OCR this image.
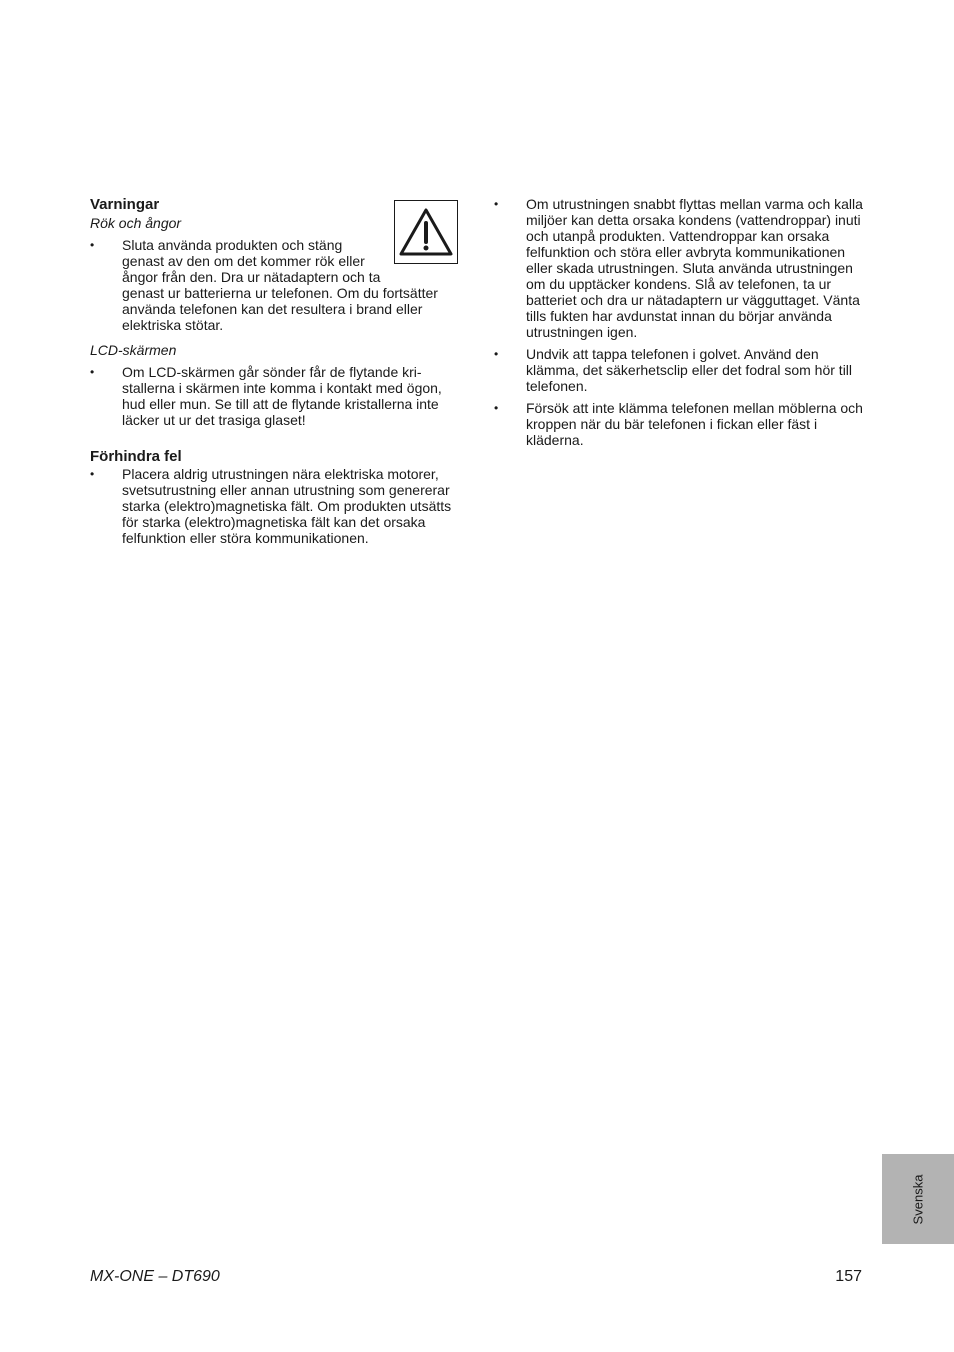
Varningar

Rök och ångor

•	Sluta använda produkten och stäng genast av den om det kommer rök eller ångor från den. Dra ur nätadaptern och ta genast ur batterierna ur telefonen. Om du fortsätter använda telefonen kan det resultera i brand eller elektriska stötar.

LCD-skärmen

•	Om LCD-skärmen går sönder får de flytande kristallerna i skärmen inte komma i kontakt med ögon, hud eller mun. Se till att de flytande kristallerna inte läcker ut ur det trasiga glaset!
Förhindra fel
•	Placera aldrig utrustningen nära elektriska motorer, svetsutrustning eller annan utrustning som genererar starka (elektro)magnetiska fält. Om produkten utsätts för starka (elektro)magnetiska fält kan det orsaka felfunktion eller störa kommunikationen.
•	Om utrustningen snabbt flyttas mellan varma och kalla miljöer kan detta orsaka kondens (vattendroppar) inuti och utanpå produkten. Vattendroppar kan orsaka felfunktion och störa eller avbryta kommunikationen eller skada utrustningen. Sluta använda utrustningen om du upptäcker kondens. Slå av telefonen, ta ur batteriet och dra ur nätadaptern ur vägguttaget. Vänta tills fukten har avdunstat innan du börjar använda utrustningen igen.
•	Undvik att tappa telefonen i golvet. Använd den klämma, det säkerhetsclip eller det fodral som hör till telefonen.
•	Försök att inte klämma telefonen mellan möblerna och kroppen när du bär telefonen i fickan eller fäst i kläderna.
Svenska
MX-ONE – DT690	157
